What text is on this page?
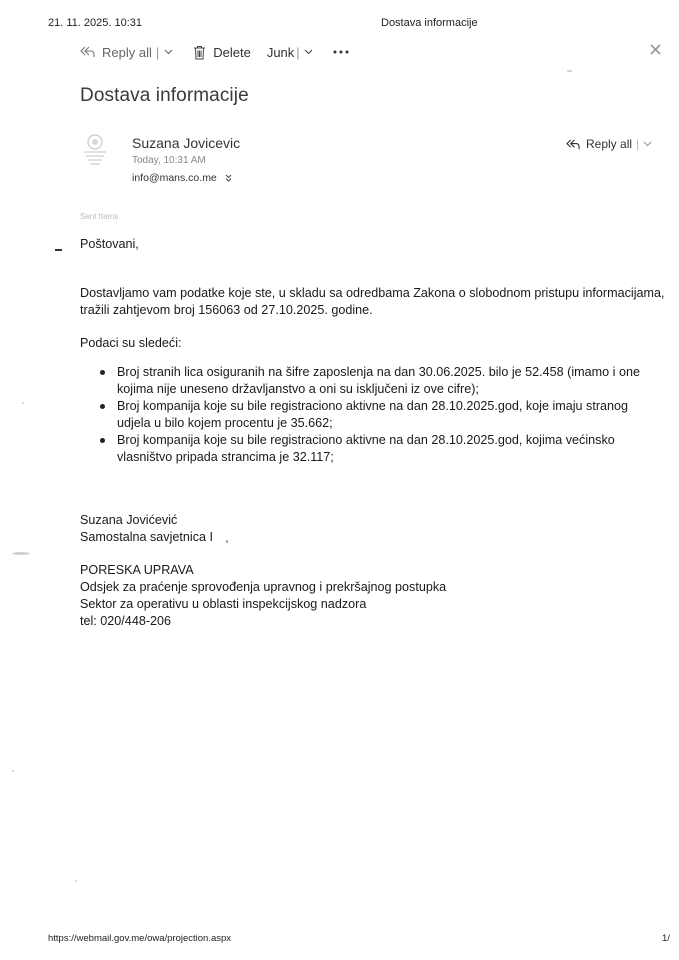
21. 11. 2025. 10:31	Dostava informacije
Reply all |	Delete Junk |
Dostava informacije
Suzana Jovicevic
Today, 10:31 AM
info@mans.co.me
Reply all |
Sent Items
Poštovani,
Dostavljamo vam podatke koje ste, u skladu sa odredbama Zakona o slobodnom pristupu informacijama,
tražili zahtjevom broj 156063 od 27.10.2025. godine.
Podaci su sledeći:
Broj stranih lica osiguranih na šifre zaposlenja na dan 30.06.2025. bilo je 52.458 (imamo i one
kojima nije uneseno državljanstvo a oni su isključeni iz ove cifre);
Broj kompanija koje su bile registraciono aktivne na dan 28.10.2025.god, koje imaju stranog
udjela u bilo kojem procentu je 35.662;
Broj kompanija koje su bile registraciono aktivne na dan 28.10.2025.god, kojima većinsko
vlasništvo pripada strancima je 32.117;
Suzana Jovićević
Samostalna savjetnica I
PORESKA UPRAVA
Odsjek za praćenje sprovođenja upravnog i prekršajnog postupka
Sektor za operativu u oblasti inspekcijskog nadzora
tel: 020/448-206
https://webmail.gov.me/owa/projection.aspx	1/
